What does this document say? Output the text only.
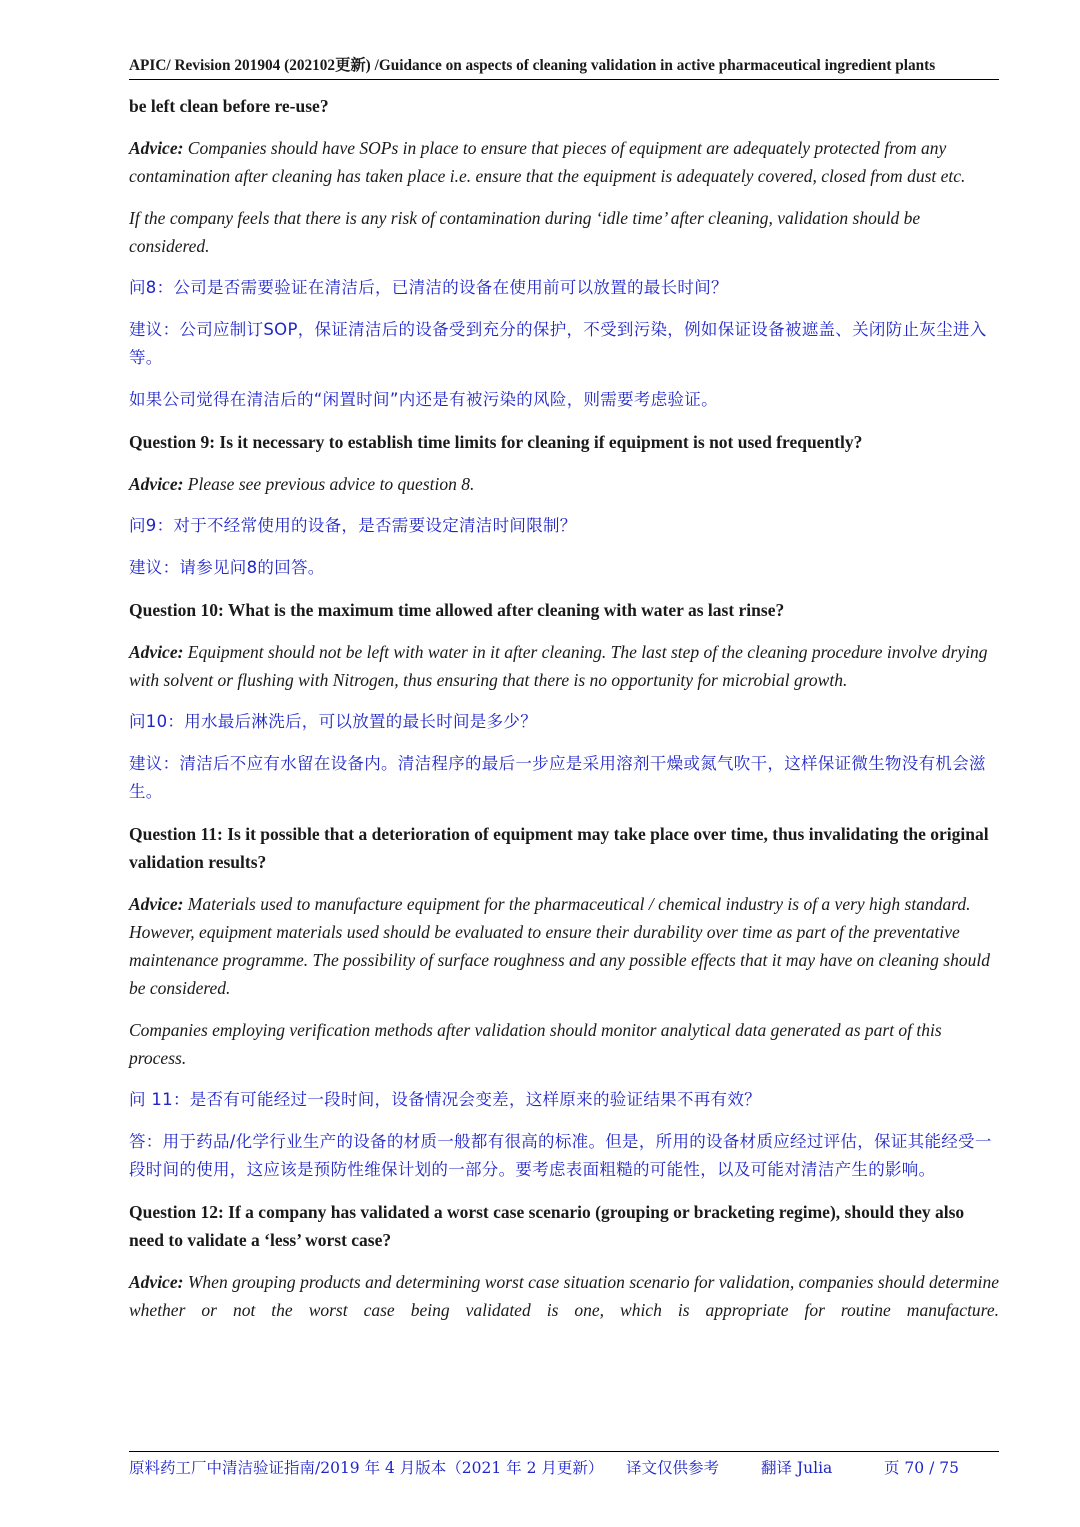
APIC/ Revision 201904 (202102更新) /Guidance on aspects of cleaning validation in active pharmaceutical ingredient plants

be left clean before re-use?

Advice: Companies should have SOPs in place to ensure that pieces of equipment are adequately protected from any contamination after cleaning has taken place i.e. ensure that the equipment is adequately covered, closed from dust etc.

If the company feels that there is any risk of contamination during ‘idle time’ after cleaning, validation should be considered.

问8：公司是否需要验证在清洁后，已清洁的设备在使用前可以放置的最长时间？

建议：公司应制订SOP，保证清洁后的设备受到充分的保护，不受到污染，例如保证设备被遮盖、关闭防止灰尘进入等。

如果公司觉得在清洁后的“闲置时间”内还是有被污染的风险，则需要考虑验证。

Question 9: Is it necessary to establish time limits for cleaning if equipment is not used frequently?

Advice: Please see previous advice to question 8.

问9：对于不经常使用的设备，是否需要设定清洁时间限制？

建议：请参见问8的回答。

Question 10: What is the maximum time allowed after cleaning with water as last rinse?

Advice: Equipment should not be left with water in it after cleaning. The last step of the cleaning procedure involve drying with solvent or flushing with Nitrogen, thus ensuring that there is no opportunity for microbial growth.

问10：用水最后淋洗后，可以放置的最长时间是多少？

建议：清洁后不应有水留在设备内。清洁程序的最后一步应是采用溶剂干燥或氮气吹干，这样保证微生物没有机会滋生。

Question 11: Is it possible that a deterioration of equipment may take place over time, thus invalidating the original validation results?

Advice: Materials used to manufacture equipment for the pharmaceutical / chemical industry is of a very high standard. However, equipment materials used should be evaluated to ensure their durability over time as part of the preventative maintenance programme. The possibility of surface roughness and any possible effects that it may have on cleaning should be considered.

Companies employing verification methods after validation should monitor analytical data generated as part of this process.

问 11：是否有可能经过一段时间，设备情况会变差，这样原来的验证结果不再有效？

答：用于药品/化学行业生产的设备的材质一般都有很高的标准。但是，所用的设备材质应经过评估，保证其能经受一段时间的使用，这应该是预防性维保计划的一部分。要考虑表面粗糙的可能性，以及可能对清洁产生的影响。

Question 12: If a company has validated a worst case scenario (grouping or bracketing regime), should they also need to validate a ‘less’ worst case?

Advice: When grouping products and determining worst case situation scenario for validation, companies should determine whether or not the worst case being validated is one, which is appropriate for routine manufacture.

原料药工厂中清洁验证指南/2019 年 4 月版本（2021 年 2 月更新） 译文仅供参考	翻译 Julia	页 70 / 75
